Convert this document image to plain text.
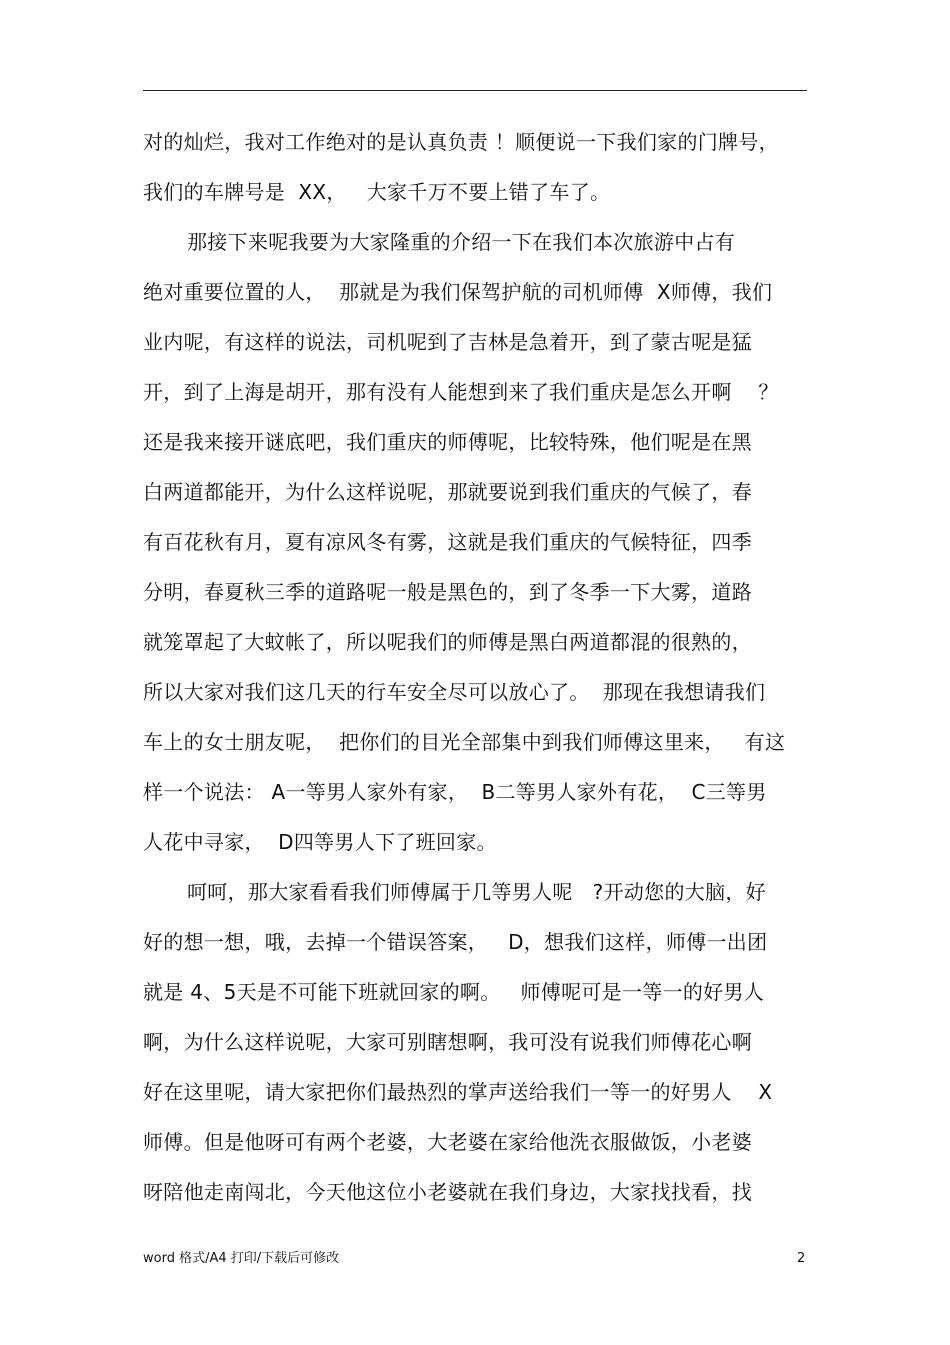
对的灿烂，我对工作绝对的是认真负责 ！顺便说一下我们家的门牌号，
我们的车牌号是  XX，   大家千万不要上错了车了。
那接下来呢我要为大家隆重的介绍一下在我们本次旅游中占有
绝对重要位置的人，  那就是为我们保驾护航的司机师傅  X师傅，我们
业内呢，有这样的说法，司机呢到了吉林是急着开，到了蒙古呢是猛
开，到了上海是胡开，那有没有人能想到来了我们重庆是怎么开啊    ？
还是我来接开谜底吧，我们重庆的师傅呢，比较特殊，他们呢是在黑
白两道都能开，为什么这样说呢，那就要说到我们重庆的气候了，春
有百花秋有月，夏有凉风冬有雾，这就是我们重庆的气候特征，四季
分明，春夏秋三季的道路呢一般是黑色的，到了冬季一下大雾，道路
就笼罩起了大蚊帐了，所以呢我们的师傅是黑白两道都混的很熟的，
所以大家对我们这几天的行车安全尽可以放心了。  那现在我想请我们
车上的女士朋友呢，  把你们的目光全部集中到我们师傅这里来，   有这
样一个说法： A一等男人家外有家，  B二等男人家外有花，  C三等男
人花中寻家，  D四等男人下了班回家。
呵呵，那大家看看我们师傅属于几等男人呢   ?开动您的大脑，好
好的想一想，哦，去掉一个错误答案，   D，想我们这样，师傅一出团
就是 4、5天是不可能下班就回家的啊。   师傅呢可是一等一的好男人
啊，为什么这样说呢，大家可别瞎想啊，我可没有说我们师傅花心啊
好在这里呢，请大家把你们最热烈的掌声送给我们一等一的好男人    X
师傅。但是他呀可有两个老婆，大老婆在家给他洗衣服做饭，小老婆
呀陪他走南闯北，今天他这位小老婆就在我们身边，大家找找看，找
word 格式/A4 打印/下载后可修改	2
